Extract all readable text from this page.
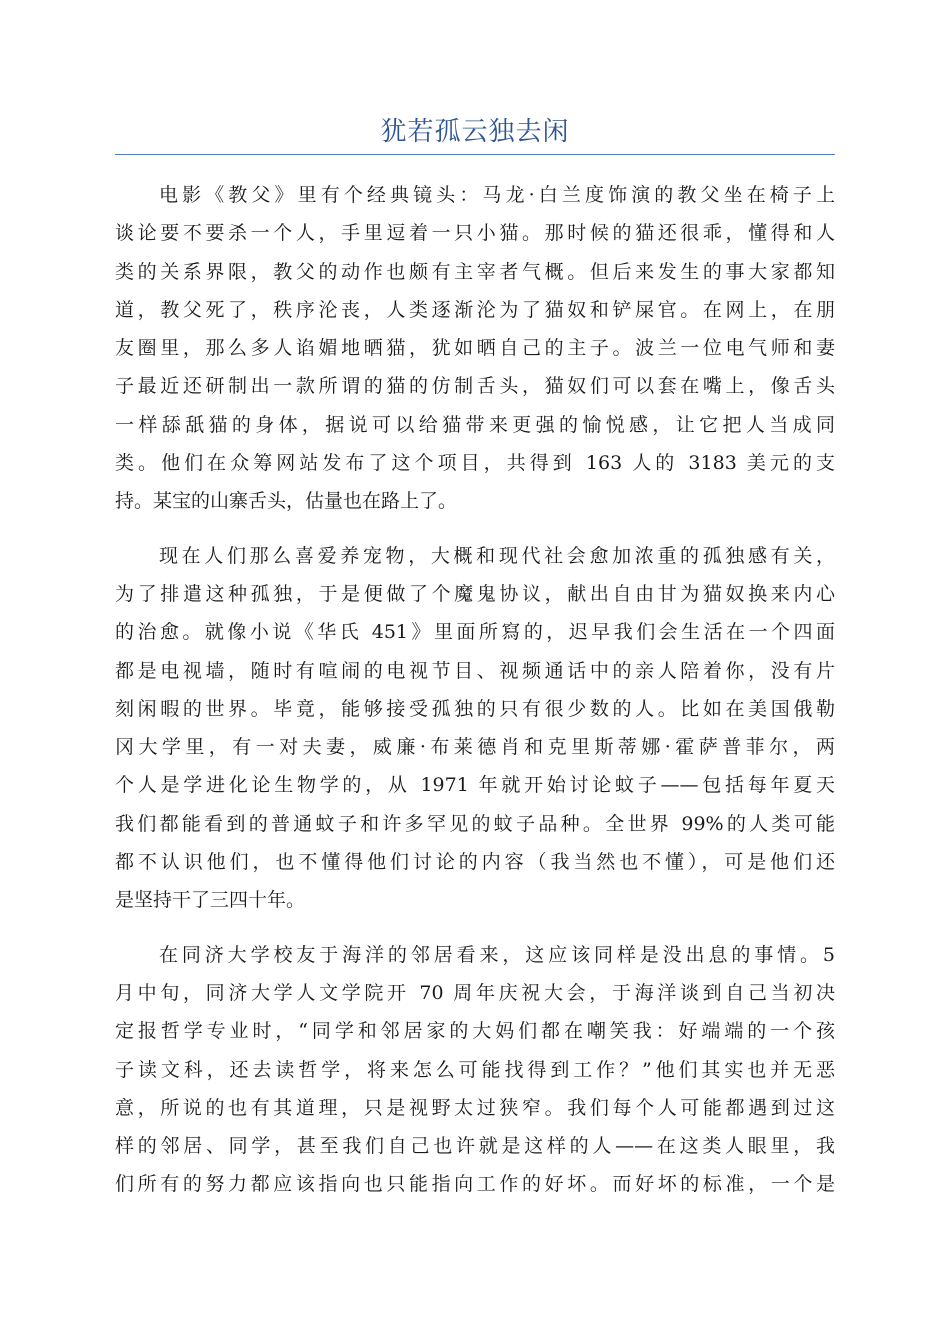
犹若孤云独去闲
电影《教父》里有个经典镜头：马龙·白兰度饰演的教父坐在椅子上
谈论要不要杀一个人，手里逗着一只小猫。那时候的猫还很乖，懂得和人
类的关系界限，教父的动作也颇有主宰者气概。但后来发生的事大家都知
道，教父死了，秩序沦丧，人类逐渐沦为了猫奴和铲屎官。在网上，在朋
友圈里，那么多人谄媚地晒猫，犹如晒自己的主子。波兰一位电气师和妻
子最近还研制出一款所谓的猫的仿制舌头，猫奴们可以套在嘴上，像舌头
一样舔舐猫的身体，据说可以给猫带来更强的愉悦感，让它把人当成同
类。他们在众筹网站发布了这个项目，共得到 163 人的 3183 美元的支
持。某宝的山寨舌头，估量也在路上了。
现在人们那么喜爱养宠物，大概和现代社会愈加浓重的孤独感有关，
为了排遣这种孤独，于是便做了个魔鬼协议，献出自由甘为猫奴换来内心
的治愈。就像小说《华氏 451》里面所寫的，迟早我们会生活在一个四面
都是电视墙，随时有喧闹的电视节目、视频通话中的亲人陪着你，没有片
刻闲暇的世界。毕竟，能够接受孤独的只有很少数的人。比如在美国俄勒
冈大学里，有一对夫妻，威廉·布莱德肖和克里斯蒂娜·霍萨普菲尔，两
个人是学进化论生物学的，从 1971 年就开始讨论蚊子——包括每年夏天
我们都能看到的普通蚊子和许多罕见的蚊子品种。全世界 99%的人类可能
都不认识他们，也不懂得他们讨论的内容（我当然也不懂），可是他们还
是坚持干了三四十年。
在同济大学校友于海洋的邻居看来，这应该同样是没出息的事情。5
月中旬，同济大学人文学院开 70 周年庆祝大会，于海洋谈到自己当初决
定报哲学专业时，“同学和邻居家的大妈们都在嘲笑我：好端端的一个孩
子读文科，还去读哲学，将来怎么可能找得到工作？”他们其实也并无恶
意，所说的也有其道理，只是视野太过狭窄。我们每个人可能都遇到过这
样的邻居、同学，甚至我们自己也许就是这样的人——在这类人眼里，我
们所有的努力都应该指向也只能指向工作的好坏。而好坏的标准，一个是
